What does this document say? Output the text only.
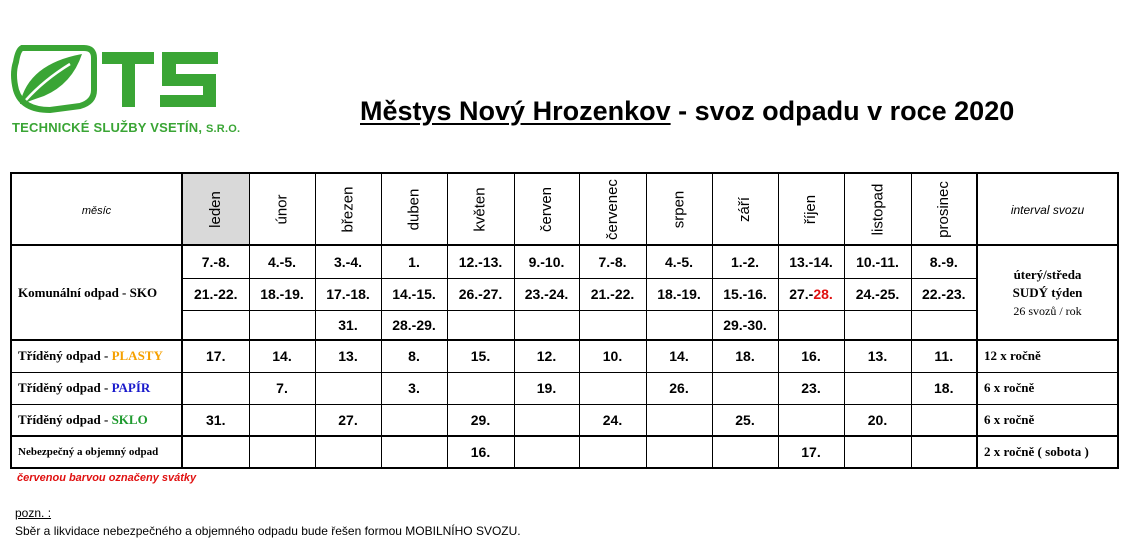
TECHNICKÉ SLUŽBY VSETÍN, S.R.O.
Městys Nový Hrozenkov - svoz odpadu v roce 2020
měsíc	leden	únor	březen	duben	květen	červen	červenec	srpen	září	říjen	listopad	prosinec	interval svozu

Komunální odpad - SKO	7.-8.	4.-5.	3.-4.	1.	12.-13.	9.-10.	7.-8.	4.-5.	1.-2.	13.-14.	10.-11.	8.-9.	úterý/středa
SUDÝ týden
26 svozů / rok

	21.-22.	18.-19.	17.-18.	14.-15.	26.-27.	23.-24.	21.-22.	18.-19.	15.-16.	27.-28.	24.-25.	22.-23.	
			31.	28.-29.					29.-30.				

Tříděný odpad - PLASTY	17.	14.	13.	8.	15.	12.	10.	14.	18.	16.	13.	11.	12 x ročně

Tříděný odpad - PAPÍR		7.		3.		19.		26.		23.		18.	6 x ročně

Tříděný odpad - SKLO	31.		27.		29.		24.		25.		20.		6 x ročně

Nebezpečný a objemný odpad					16.					17.			2 x ročně ( sobota )
červenou barvou označeny svátky
pozn. :
Sběr a likvidace nebezpečného a objemného odpadu bude řešen formou MOBILNÍHO SVOZU.
